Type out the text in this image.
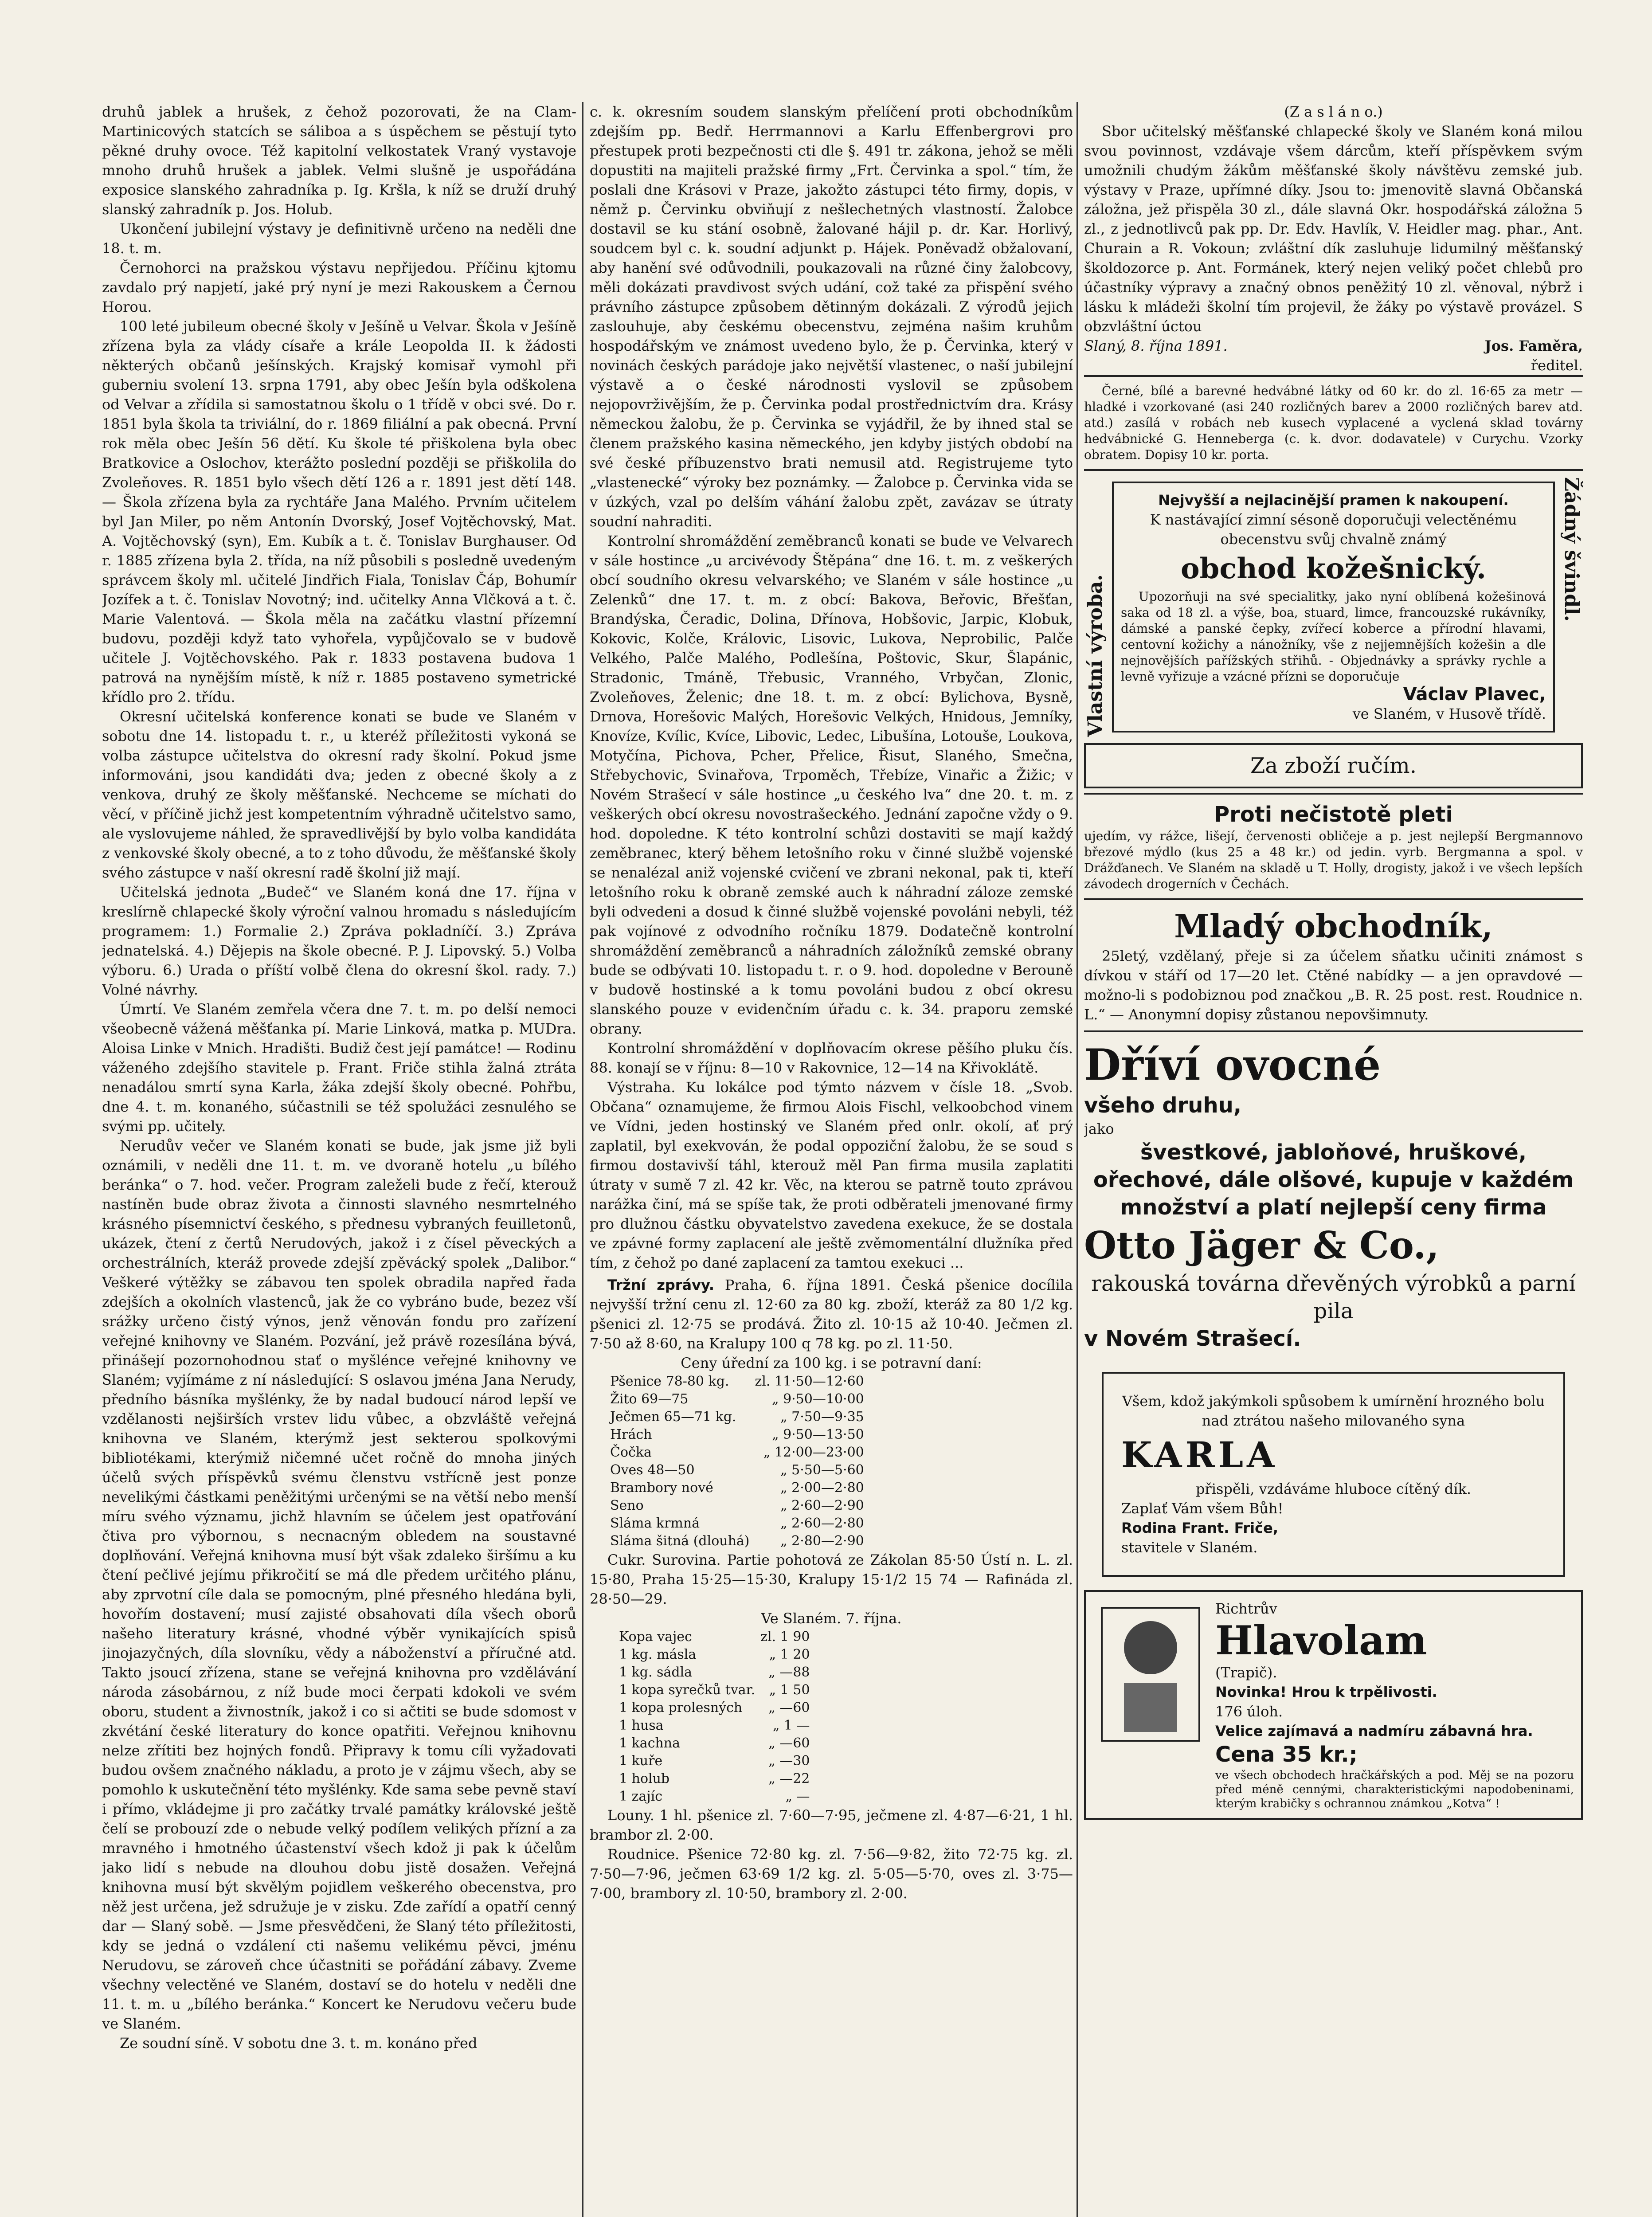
druhů jablek a hrušek, z čehož pozorovati, že na Clam-Martinicových statcích se sáliboa a s úspěchem se pěstují tyto pěkné druhy ovoce. Též kapitolní velkostatek Vraný vystavoje mnoho druhů hrušek a jablek. Velmi slušně je uspořádána exposice slanského zahradníka p. Ig. Kršla, k níž se druží druhý slanský zahradník p. Jos. Holub.

Ukončení jubilejní výstavy je definitivně určeno na neděli dne 18. t. m.

Černohorci na pražskou výstavu nepřijedou. Příčinu kjtomu zavdalo prý napjetí, jaké prý nyní je mezi Rakouskem a Černou Horou.

100 leté jubileum obecné školy v Ješíně u Velvar. Škola v Ješíně zřízena byla za vlády císaře a krále Leopolda II. k žádosti některých občanů ješínských. Krajský komisař vymohl při guberniu svolení 13. srpna 1791, aby obec Ješín byla odškolena od Velvar a zřídila si samostatnou školu o 1 třídě v obci své. Do r. 1851 byla škola ta triviální, do r. 1869 filiální a pak obecná. První rok měla obec Ješín 56 dětí. Ku škole té přiškolena byla obec Bratkovice a Oslochov, kterážto poslední později se přiškolila do Zvoleňoves. R. 1851 bylo všech dětí 126 a r. 1891 jest dětí 148. — Škola zřízena byla za rychtáře Jana Malého. Prvním učitelem byl Jan Miler, po něm Antonín Dvorský, Josef Vojtěchovský, Mat. A. Vojtěchovský (syn), Em. Kubík a t. č. Tonislav Burghauser. Od r. 1885 zřízena byla 2. třída, na níž působili s posledně uvedeným správcem školy ml. učitelé Jindřich Fiala, Tonislav Čáp, Bohumír Jozífek a t. č. Tonislav Novotný; ind. učitelky Anna Vlčková a t. č. Marie Valentová. — Škola měla na začátku vlastní přízemní budovu, později když tato vyhořela, vypůjčovalo se v budově učitele J. Vojtěchovského. Pak r. 1833 postavena budova 1 patrová na nynějším místě, k níž r. 1885 postaveno symetrické křídlo pro 2. třídu.

Okresní učitelská konference konati se bude ve Slaném v sobotu dne 14. listopadu t. r., u kteréž příležitosti vykoná se volba zástupce učitelstva do okresní rady školní. Pokud jsme informováni, jsou kandidáti dva; jeden z obecné školy a z venkova, druhý ze školy měšťanské. Nechceme se míchati do věcí, v příčině jichž jest kompetentním výhradně učitelstvo samo, ale vyslovujeme náhled, že spravedlivější by bylo volba kandidáta z venkovské školy obecné, a to z toho důvodu, že měšťanské školy svého zástupce v naší okresní radě školní již mají.

Učitelská jednota „Budeč“ ve Slaném koná dne 17. října v kreslírně chlapecké školy výroční valnou hromadu s následujícím programem: 1.) Formalie 2.) Zpráva pokladníčí. 3.) Zpráva jednatelská. 4.) Dějepis na škole obecné. P. J. Lipovský. 5.) Volba výboru. 6.) Urada o příští volbě člena do okresní škol. rady. 7.) Volné návrhy.

Úmrtí. Ve Slaném zemřela včera dne 7. t. m. po delší nemoci všeobecně vážená měšťanka pí. Marie Linková, matka p. MUDra. Aloisa Linke v Mnich. Hradišti. Budiž čest její památce! — Rodinu váženého zdejšího stavitele p. Frant. Friče stihla žalná ztráta nenadálou smrtí syna Karla, žáka zdejší školy obecné. Pohřbu, dne 4. t. m. konaného, súčastnili se též spolužáci zesnulého se svými pp. učitely.

Nerudův večer ve Slaném konati se bude, jak jsme již byli oznámili, v neděli dne 11. t. m. ve dvoraně hotelu „u bílého beránka“ o 7. hod. večer. Program zaleželi bude z řečí, kterouž nastíněn bude obraz života a činnosti slavného nesmrtelného krásného písemnictví českého, s přednesu vybraných feuilletonů, ukázek, čtení z čertů Nerudových, jakož i z čísel pěveckých a orchestrálních, kteráž provede zdejší zpěvácký spolek „Dalibor.“ Veškeré výtěžky se zábavou ten spolek obradila napřed řada zdejších a okolních vlastenců, jak že co vybráno bude, bezez vší srážky určeno čistý výnos, jenž věnován fondu pro zařízení veřejné knihovny ve Slaném. Pozvání, jež právě rozesílána bývá, přinášejí pozornohodnou stať o myšlénce veřejné knihovny ve Slaném; vyjímáme z ní následující: S oslavou jména Jana Nerudy, předního básníka myšlénky, že by nadal budoucí národ lepší ve vzdělanosti nejširších vrstev lidu vůbec, a obzvláště veřejná knihovna ve Slaném, kterýmž jest sekterou spolkovými bibliotékami, kterýmiž ničemné učet ročně do mnoha jiných účelů svých příspěvků svému členstvu vstřícně jest ponze nevelikými částkami peněžitými určenými se na větší nebo menší míru svého významu, jichž hlavním se účelem jest opatřování čtiva pro výbornou, s necnacným obledem na soustavné doplňování. Veřejná knihovna musí být však zdaleko širšímu a ku čtení pečlivé jejímu přikročití se má dle předem určitého plánu, aby zprvotní cíle dala se pomocným, plné přesného hledána byli, hovořím dostavení; musí zajisté obsahovati díla všech oborů našeho literatury krásné, vhodné výběr vynikajících spisů jinojazyčných, díla slovníku, vědy a náboženství a příručné atd. Takto jsoucí zřízena, stane se veřejná knihovna pro vzdělávání národa zásobárnou, z níž bude moci čerpati kdokoli ve svém oboru, student a živnostník, jakož i co si ačtiti se bude sdomost v zkvétání české literatury do konce opatřiti. Veřejnou knihovnu nelze zřítiti bez hojných fondů. Připravy k tomu cíli vyžadovati budou ovšem značného nákladu, a proto je v zájmu všech, aby se pomohlo k uskutečnění této myšlénky. Kde sama sebe pevně staví i přímo, vkládejme ji pro začátky trvalé památky královské ještě čelí se probouzí zde o nebude velký podílem velikých přízní a za mravného i hmotného účastenství všech kdož ji pak k účelům jako lidí s nebude na dlouhou dobu jistě dosažen. Veřejná knihovna musí být skvělým pojidlem veškerého obecenstva, pro něž jest určena, jež sdružuje je v zisku. Zde zařídí a opatří cenný dar — Slaný sobě. — Jsme přesvědčeni, že Slaný této příležitosti, kdy se jedná o vzdálení cti našemu velikému pěvci, jménu Nerudovu, se zároveň chce účastniti se pořádání zábavy. Zveme všechny velectěné ve Slaném, dostaví se do hotelu v neděli dne 11. t. m. u „bílého beránka.“ Koncert ke Nerudovu večeru bude ve Slaném.

Ze soudní síně. V sobotu dne 3. t. m. konáno před

c. k. okresním soudem slanským přelíčení proti obchodníkům zdejším pp. Bedř. Herrmannovi a Karlu Effenbergrovi pro přestupek proti bezpečnosti cti dle §. 491 tr. zákona, jehož se měli dopustiti na majiteli pražské firmy „Frt. Červinka a spol.“ tím, že poslali dne Krásovi v Praze, jakožto zástupci této firmy, dopis, v němž p. Červinku obviňují z nešlechetných vlastností. Žalobce dostavil se ku stání osobně, žalované hájil p. dr. Kar. Horlivý, soudcem byl c. k. soudní adjunkt p. Hájek. Poněvadž obžalovaní, aby hanění své odůvodnili, poukazovali na různé činy žalobcovy, měli dokázati pravdivost svých udání, což také za přispění svého právního zástupce způsobem dětinným dokázali. Z výrodů jejich zaslouhuje, aby českému obecenstvu, zejména našim kruhům hospodářským ve známost uvedeno bylo, že p. Červinka, který v novinách českých parádoje jako největší vlastenec, o naší jubilejní výstavě a o české národnosti vyslovil se způsobem nejopovrživějším, že p. Červinka podal prostřednictvím dra. Krásy německou žalobu, že p. Červinka se vyjádřil, že by ihned stal se členem pražského kasina německého, jen kdyby jistých období na své české příbuzenstvo brati nemusil atd. Registrujeme tyto „vlastenecké“ výroky bez poznámky. — Žalobce p. Červinka vida se v úzkých, vzal po delším váhání žalobu zpět, zavázav se útraty soudní nahraditi.

Kontrolní shromáždění zeměbranců konati se bude ve Velvarech v sále hostince „u arcivévody Štěpána“ dne 16. t. m. z veškerých obcí soudního okresu velvarského; ve Slaném v sále hostince „u Zelenků“ dne 17. t. m. z obcí: Bakova, Beřovic, Břešťan, Brandýska, Čeradic, Dolina, Dřínova, Hobšovic, Jarpic, Klobuk, Kokovic, Kolče, Královic, Lisovic, Lukova, Neprobilic, Palče Velkého, Palče Malého, Podlešína, Poštovic, Skur, Šlapánic, Stradonic, Tmáně, Třebusic, Vranného, Vrbyčan, Zlonic, Zvoleňoves, Želenic; dne 18. t. m. z obcí: Bylichova, Bysně, Drnova, Horešovic Malých, Horešovic Velkých, Hnidous, Jemníky, Knovíze, Kvílic, Kvíce, Libovic, Ledec, Libušína, Lotouše, Loukova, Motyčína, Pichova, Pcher, Přelice, Řisut, Slaného, Smečna, Střebychovic, Svinařova, Trpoměch, Třebíze, Vinařic a Žižic; v Novém Strašecí v sále hostince „u českého lva“ dne 20. t. m. z veškerých obcí okresu novostrašeckého. Jednání započne vždy o 9. hod. dopoledne. K této kontrolní schůzi dostaviti se mají každý zeměbranec, který během letošního roku v činné službě vojenské se nenalézal aniž vojenské cvičení ve zbrani nekonal, pak ti, kteří letošního roku k obraně zemské auch k náhradní záloze zemské byli odvedeni a dosud k činné službě vojenské povoláni nebyli, též pak vojínové z odvodního ročníku 1879. Dodatečně kontrolní shromáždění zeměbranců a náhradních záložníků zemské obrany bude se odbývati 10. listopadu t. r. o 9. hod. dopoledne v Berouně v budově hostinské a k tomu povoláni budou z obcí okresu slanského pouze v evidenčním úřadu c. k. 34. praporu zemské obrany.

Kontrolní shromáždění v doplňovacím okrese pěšího pluku čís. 88. konají se v říjnu: 8—10 v Rakovnice, 12—14 na Křivoklátě.

Výstraha. Ku lokálce pod týmto názvem v čísle 18. „Svob. Občana“ oznamujeme, že firmou Alois Fischl, velkoobchod vinem ve Vídni, jeden hostinský ve Slaném před onlr. okolí, ať prý zaplatil, byl exekvován, že podal oppoziční žalobu, že se soud s firmou dostavivší táhl, kterouž měl Pan firma musila zaplatiti útraty v sumě 7 zl. 42 kr. Věc, na kterou se patrně touto zprávou narážka činí, má se spíše tak, že proti odběrateli jmenované firmy pro dlužnou částku obyvatelstvo zavedena exekuce, že se dostala ve zpávné formy zaplacení ale ještě zvěmomentální dlužníka před tím, z čehož po dané zaplacení za tamtou exekuci ...

Tržní zprávy. Praha, 6. října 1891. Česká pšenice docílila nejvyšší tržní cenu zl. 12·60 za 80 kg. zboží, kteráž za 80 1/2 kg. pšenici zl. 12·75 se prodává. Žito zl. 10·15 až 10·40. Ječmen zl. 7·50 až 8·60, na Kralupy 100 q 78 kg. po zl. 11·50.

Ceny úřední za 100 kg. i se potravní daní:

Pšenice 78-80 kg.	zl. 11·50—12·60
Žito 69—75	„ 9·50—10·00
Ječmen 65—71 kg.	„ 7·50—9·35
Hrách	„ 9·50—13·50
Čočka	„ 12·00—23·00
Oves 48—50	„ 5·50—5·60
Brambory nové	„ 2·00—2·80
Seno	„ 2·60—2·90
Sláma krmná	„ 2·60—2·80
Sláma šitná (dlouhá)	„ 2·80—2·90

Cukr. Surovina. Partie pohotová ze Zákolan 85·50 Ústí n. L. zl. 15·80, Praha 15·25—15·30, Kralupy 15·1/2 15 74 — Rafináda zl. 28·50—29.

Ve Slaném. 7. října.

Kopa vajec	zl. 1 90
1 kg. másla	„ 1 20
1 kg. sádla	„ —88
1 kopa syrečků tvar.	„ 1 50
1 kopa prolesných	„ —60
1 husa	„ 1 —
1 kachna	„ —60
1 kuře	„ —30
1 holub	„ —22
1 zajíc	„ —

Louny. 1 hl. pšenice zl. 7·60—7·95, ječmene zl. 4·87—6·21, 1 hl. brambor zl. 2·00.

Roudnice. Pšenice 72·80 kg. zl. 7·56—9·82, žito 72·75 kg. zl. 7·50—7·96, ječmen 63·69 1/2 kg. zl. 5·05—5·70, oves zl. 3·75—7·00, brambory zl. 10·50, brambory zl. 2·00.

(Z a s l á n o.)

Sbor učitelský měšťanské chlapecké školy ve Slaném koná milou svou povinnost, vzdávaje všem dárcům, kteří příspěvkem svým umožnili chudým žákům měšťanské školy návštěvu zemské jub. výstavy v Praze, upřímné díky. Jsou to: jmenovitě slavná Občanská záložna, jež přispěla 30 zl., dále slavná Okr. hospodářská záložna 5 zl., z jednotlivců pak pp. Dr. Edv. Havlík, V. Heidler mag. phar., Ant. Churain a R. Vokoun; zvláštní dík zasluhuje lidumilný měšťanský školdozorce p. Ant. Formánek, který nejen veliký počet chlebů pro účastníky výpravy a značný obnos peněžitý 10 zl. věnoval, nýbrž i lásku k mládeži školní tím projevil, že žáky po výstavě provázel. S obzvláštní úctou

Slaný, 8. října 1891.	Jos. Faměra,

ředitel.

Černé, bílé a barevné hedvábné látky od 60 kr. do zl. 16·65 za metr — hladké i vzorkované (asi 240 rozličných barev a 2000 rozličných barev atd. atd.) zasílá v robách neb kusech vyplacené a vyclená sklad továrny hedvábnické G. Henneberga (c. k. dvor. dodavatele) v Curychu. Vzorky obratem. Dopisy 10 kr. porta.

Vlastní výroba.

Nejvyšší a nejlacinější pramen k nakoupení.

K nastávající zimní sésoně doporučuji velectěnému obecenstvu svůj chvalně známý

obchod kožešnický.

Upozorňuji na své specialitky, jako nyní oblíbená kožešinová saka od 18 zl. a výše, boa, stuard, limce, francouzské rukávníky, dámské a panské čepky, zvířecí koberce a přírodní hlavami, centovní kožichy a nánožníky, vše z nejjemnějších kožešin a dle nejnovějších pařížských střihů. - Objednávky a správky rychle a levně vyřizuje a vzácné přízni se doporučuje

Václav Plavec,

ve Slaném, v Husově třídě.

Žádný švindl.
Za zboží ručím.

Proti nečistotě pleti

ujedím, vy rážce, lišejí, červenosti obličeje a p. jest nejlepší Bergmannovo březové mýdlo (kus 25 a 48 kr.) od jedin. vyrb. Bergmanna a spol. v Drážďanech. Ve Slaném na skladě u T. Holly, drogisty, jakož i ve všech lepších závodech drogerních v Čechách.

Mladý obchodník,

25letý, vzdělaný, přeje si za účelem sňatku učiniti známost s dívkou v stáří od 17—20 let. Ctěné nabídky — a jen opravdové — možno-li s podobiznou pod značkou „B. R. 25 post. rest. Roudnice n. L.“ — Anonymní dopisy zůstanou nepovšimnuty.

Dříví ovocné

všeho druhu,

jako

švestkové, jabloňové, hruškové, ořechové, dále olšové, kupuje v každém množství a platí nejlepší ceny firma

Otto Jäger & Co.,

rakouská továrna dřevěných výrobků a parní pila

v Novém Strašecí.

Všem, kdož jakýmkoli spůsobem k umírnění hrozného bolu nad ztrátou našeho milovaného syna

KARLA

přispěli, vzdáváme hluboce cítěný dík.

Zaplať Vám všem Bůh!

Rodina Frant. Friče,

stavitele v Slaném.

Richtrův

Hlavolam

(Trapič).

Novinka! Hrou k trpělivosti.

176 úloh.

Velice zajímavá a nadmíru zábavná hra.

Cena 35 kr.;

ve všech obchodech hračkářských a pod. Měj se na pozoru před méně cennými, charakteristickými napodobeninami, kterým krabičky s ochrannou známkou „Kotva“ !
